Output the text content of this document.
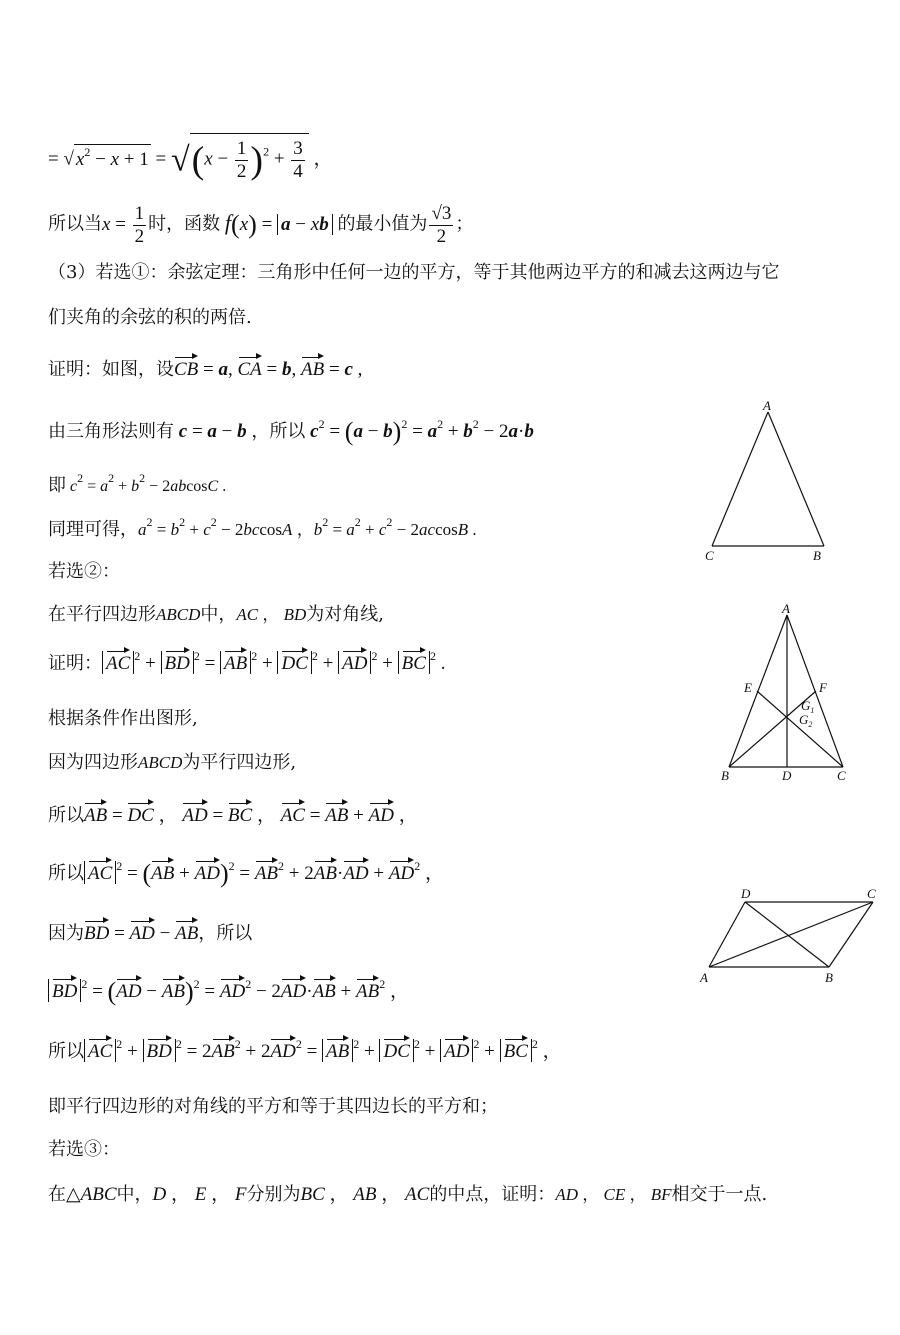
= √ $x^2 - x + 1 = √(x - \frac{1}{2} )^2 + \frac{3}{4}$ ，
所以当$x = \frac{1}{2}$ 时，函数 f(x) = a − xb 的最小值为 $\frac{√3}{2}$ ；
（3）若选①：余弦定理：三角形中任何一边的平方，等于其他两边平方的和减去这两边与它
们夹角的余弦的积的两倍.
证明：如图，设CB = a, CA = b, AB = c ,
由三角形法则有 c = a − b ，所以 $c^2 = (a - b)^2 = a^2 + b^2 - 2a\cdot b$
即 $c^2 = a^2 + b^2 - 2abcosC$ .
同理可得，$a^2 = b^2 + c^2 - 2bccosA$ ，$b^2 = a^2 + c^2 - 2accosB$ .
若选②：
在平行四边形ABCD中，AC ， BD为对角线,
证明： AC $^2$ + BD $^2$ = AB $^2$ + DC $^2$ + AD $^2$ + BC $^2$ .
根据条件作出图形,
因为四边形ABCD为平行四边形,
所以AB = DC ， AD = BC ， AC = AB + AD ，
所以 AC $^2 = (AB + AD)^2 = AB^2 + 2AB\cdot AD + AD^2$ ，
因为BD = AD − AB，所以
BD $^2 = (AD - AB)^2 = AD^2 - 2AD\cdot AB + AB^2$ ，
所以 AC $^2$ + BD $^2 = 2AB^2 + 2AD^2$ = AB $^2$ + DC $^2$ + AD $^2$ + BC $^2$ ，
即平行四边形的对角线的平方和等于其四边长的平方和；
若选③：
在△ABC中，D ， E ， F分别为BC ， AB ， AC的中点，证明：AD ， CE ， BF相交于一点.
A
C	B
A
E	F
$G_1$
$G_2$
B	D	C
D	C
A	B
